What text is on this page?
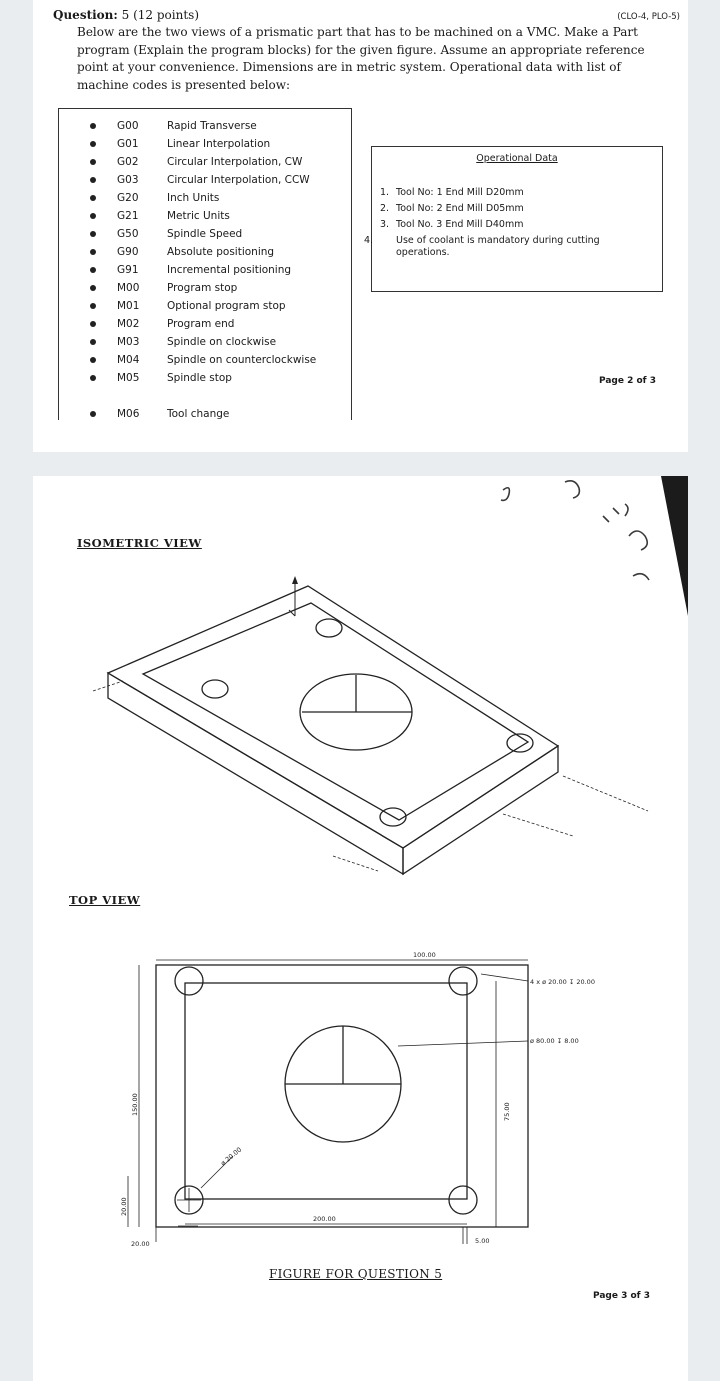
Question: 5 (12 points)	(CLO-4, PLO-5)
Below are the two views of a prismatic part that has to be machined on a VMC. Make a Part
program (Explain the program blocks) for the given figure. Assume an appropriate reference
point at your convenience. Dimensions are in metric system. Operational data with list of
machine codes is presented below:
G00	Rapid Transverse
G01	Linear Interpolation
G02	Circular Interpolation, CW
G03	Circular Interpolation, CCW
G20	Inch Units
G21	Metric Units
G50	Spindle Speed
G90	Absolute positioning
G91	Incremental positioning
M00	Program stop
M01	Optional program stop
M02	Program end
M03	Spindle on clockwise
M04	Spindle on counterclockwise
M05	Spindle stop
M06	Tool change
Operational Data
1. Tool No: 1 End Mill D20mm
2. Tool No: 2 End Mill D05mm
3. Tool No. 3 End Mill D40mm
4. Use of coolant is mandatory during cutting operations.
Page 2 of 3
ISOMETRIC VIEW
100.00
200.00
150.00
20.00
20.00
75.00
5.00
4 x ø 20.00 ↧ 20.00
ø 80.00 ↧ 8.00
ø 20.00
TOP VIEW
FIGURE FOR QUESTION 5
Page 3 of 3
